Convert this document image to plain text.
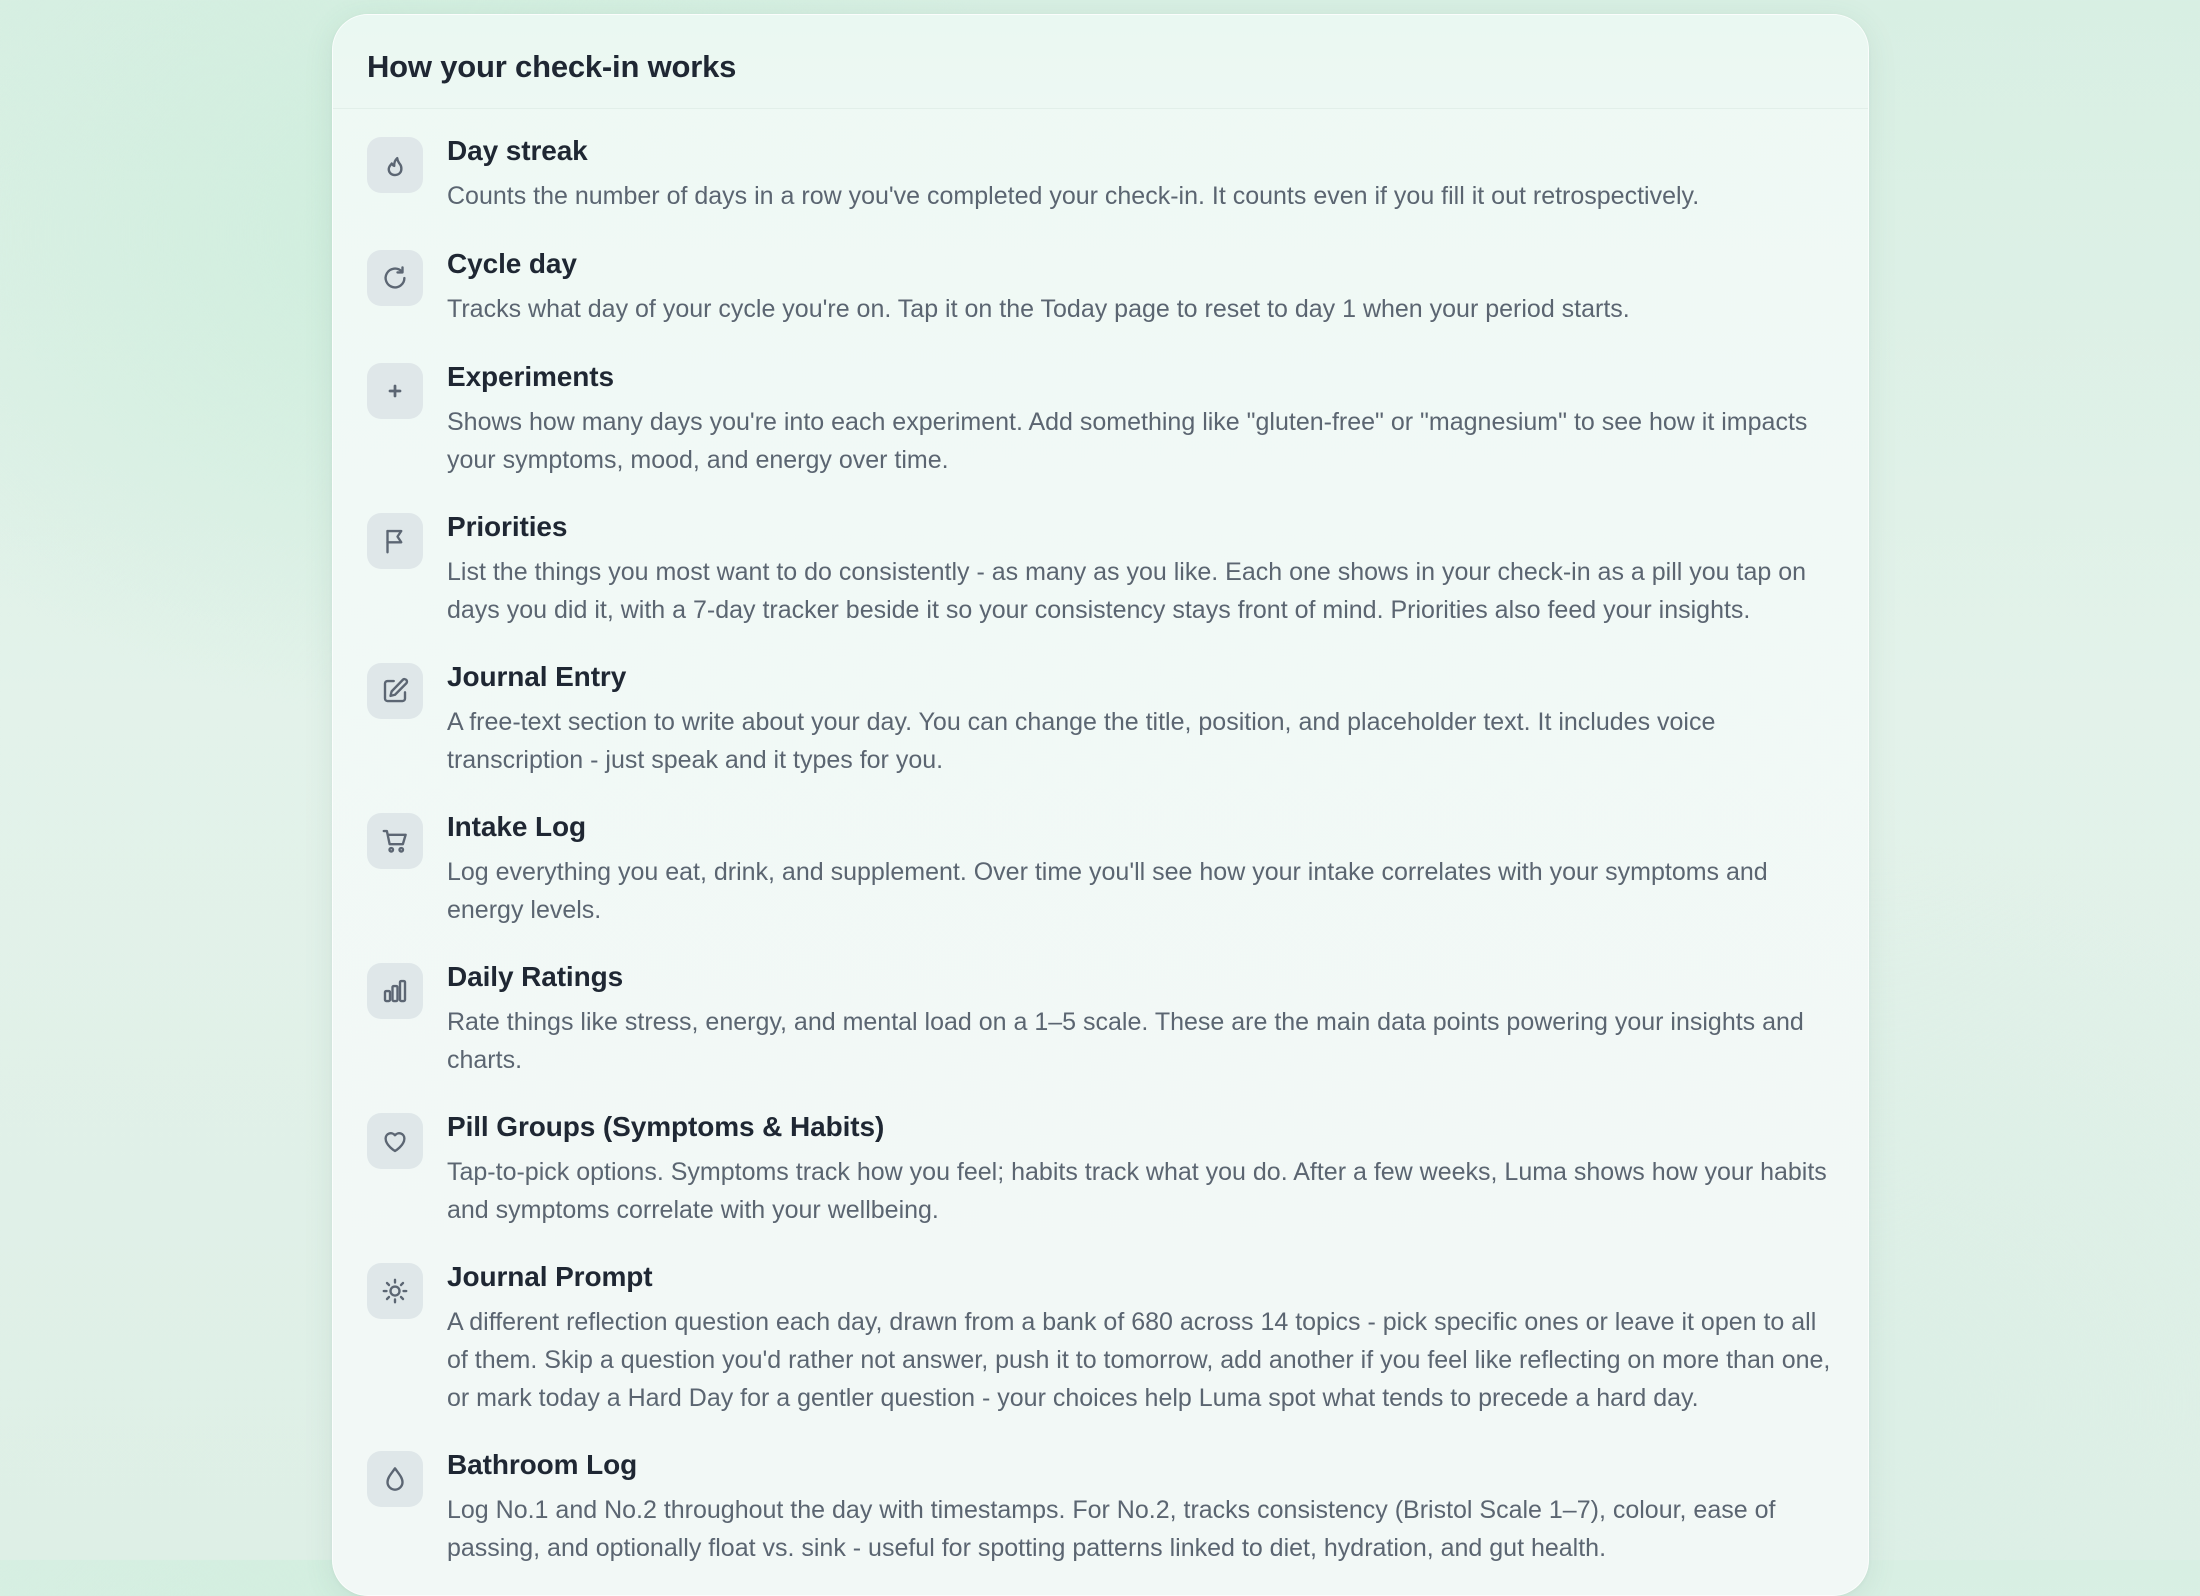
How your check-in works

Day streak

Counts the number of days in a row you've completed your check-in. It counts even if you fill it out retrospectively.

Cycle day

Tracks what day of your cycle you're on. Tap it on the Today page to reset to day 1 when your period starts.

Experiments

Shows how many days you're into each experiment. Add something like "gluten-free" or "magnesium" to see how it impacts your symptoms, mood, and energy over time.

Priorities

List the things you most want to do consistently - as many as you like. Each one shows in your check-in as a pill you tap on days you did it, with a 7-day tracker beside it so your consistency stays front of mind. Priorities also feed your insights.

Journal Entry

A free-text section to write about your day. You can change the title, position, and placeholder text. It includes voice transcription - just speak and it types for you.

Intake Log

Log everything you eat, drink, and supplement. Over time you'll see how your intake correlates with your symptoms and energy levels.

Daily Ratings

Rate things like stress, energy, and mental load on a 1–5 scale. These are the main data points powering your insights and charts.

Pill Groups (Symptoms & Habits)

Tap-to-pick options. Symptoms track how you feel; habits track what you do. After a few weeks, Luma shows how your habits and symptoms correlate with your wellbeing.

Journal Prompt

A different reflection question each day, drawn from a bank of 680 across 14 topics - pick specific ones or leave it open to all of them. Skip a question you'd rather not answer, push it to tomorrow, add another if you feel like reflecting on more than one, or mark today a Hard Day for a gentler question - your choices help Luma spot what tends to precede a hard day.

Bathroom Log

Log No.1 and No.2 throughout the day with timestamps. For No.2, tracks consistency (Bristol Scale 1–7), colour, ease of passing, and optionally float vs. sink - useful for spotting patterns linked to diet, hydration, and gut health.
